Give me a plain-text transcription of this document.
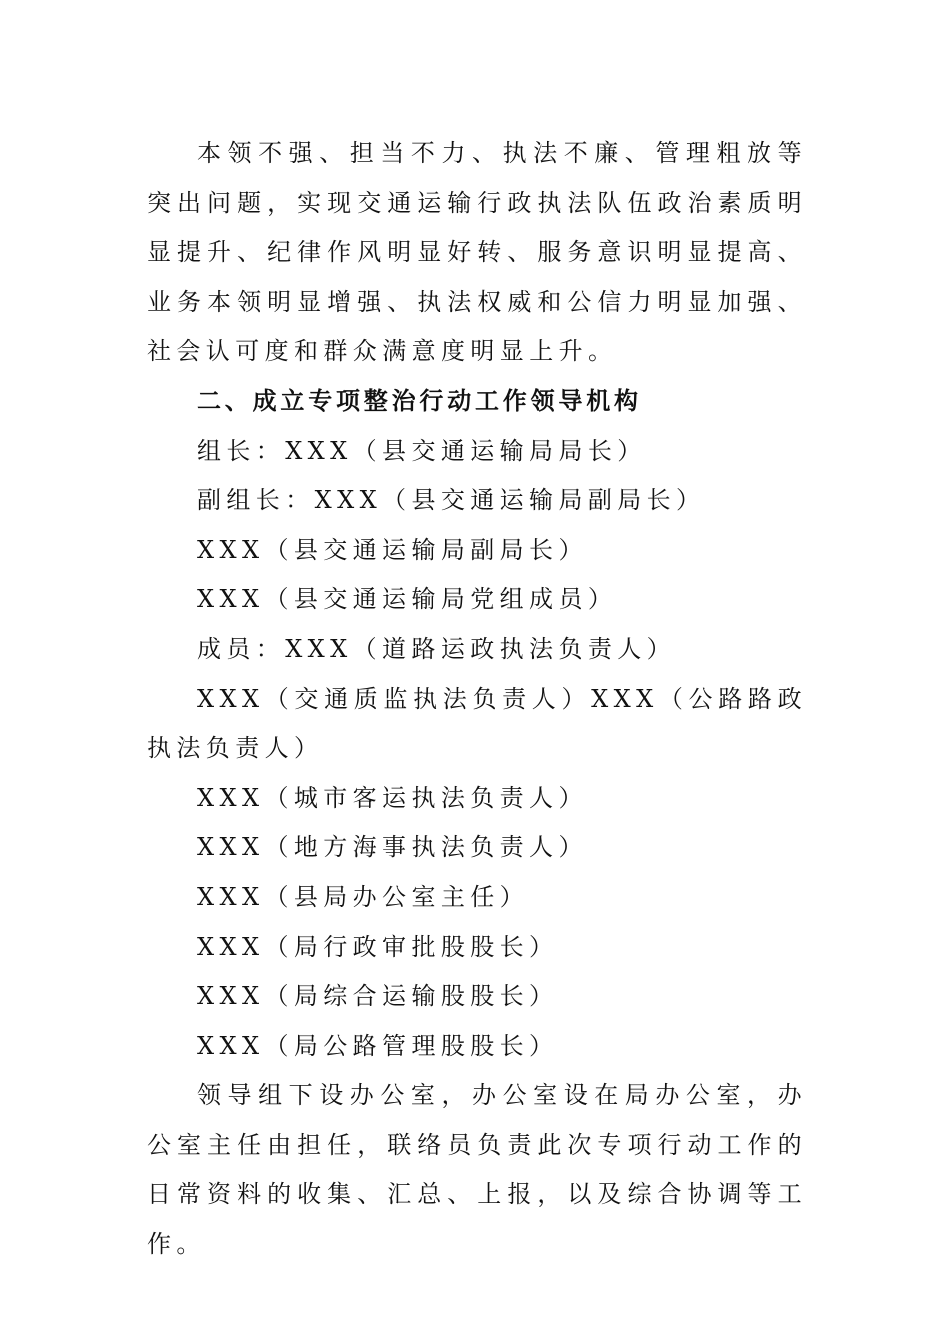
本领不强、担当不力、执法不廉、管理粗放等突出问题，实现交通运输行政执法队伍政治素质明显提升、纪律作风明显好转、服务意识明显提高、业务本领明显增强、执法权威和公信力明显加强、社会认可度和群众满意度明显上升。

二、成立专项整治行动工作领导机构

组长：XXX（县交通运输局局长）

副组长：XXX（县交通运输局副局长）

XXX（县交通运输局副局长）

XXX（县交通运输局党组成员）

成员：XXX（道路运政执法负责人）

XXX（交通质监执法负责人）XXX（公路路政执法负责人）

XXX（城市客运执法负责人）

XXX（地方海事执法负责人）

XXX（县局办公室主任）

XXX（局行政审批股股长）

XXX（局综合运输股股长）

XXX（局公路管理股股长）

领导组下设办公室，办公室设在局办公室，办公室主任由担任，联络员负责此次专项行动工作的日常资料的收集、汇总、上报，以及综合协调等工作。
